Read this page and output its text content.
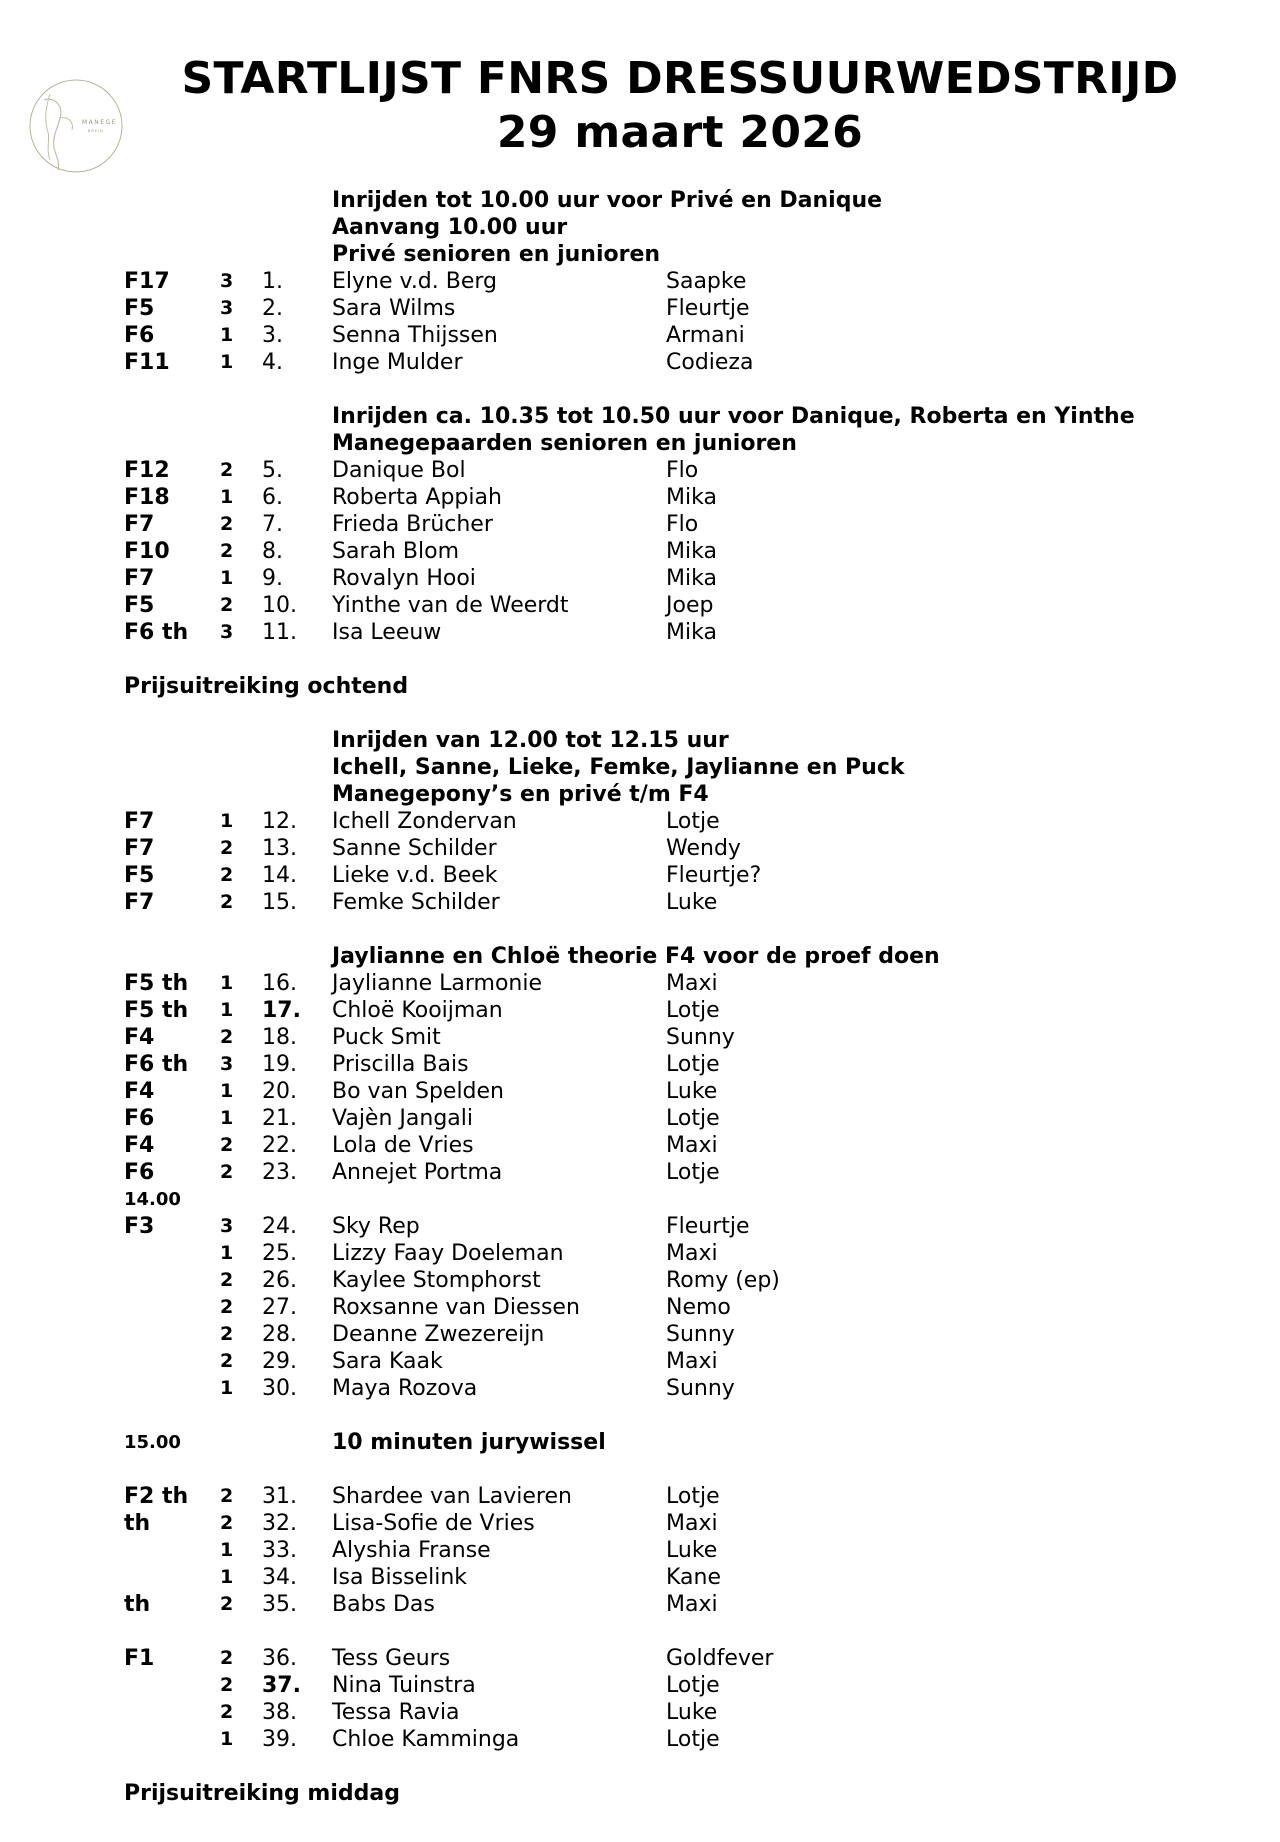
MANEGE
BREIN
STARTLIJST FNRS DRESSUURWEDSTRIJD
29 maart 2026
Inrijden tot 10.00 uur voor Privé en Danique
Aanvang 10.00 uur
Privé senioren en junioren
F17	3 1. Elyne v.d. Berg	Saapke
F5	3 2. Sara Wilms	Fleurtje
F6	1 3. Senna Thijssen	Armani
F11	1 4. Inge Mulder	Codieza
Inrijden ca. 10.35 tot 10.50 uur voor Danique, Roberta en Yinthe
Manegepaarden senioren en junioren
F12	2 5. Danique Bol	Flo
F18	1 6. Roberta Appiah	Mika
F7	2 7. Frieda Brücher	Flo
F10	2 8. Sarah Blom	Mika
F7	1 9. Rovalyn Hooi	Mika
F5	2 10. Yinthe van de Weerdt	Joep
F6 th 3 11. Isa Leeuw	Mika
Prijsuitreiking ochtend
Inrijden van 12.00 tot 12.15 uur
Ichell, Sanne, Lieke, Femke, Jaylianne en Puck
Manegepony’s en privé t/m F4
F7	1 12. Ichell Zondervan	Lotje
F7	2 13. Sanne Schilder	Wendy
F5	2 14. Lieke v.d. Beek	Fleurtje?
F7	2 15. Femke Schilder	Luke
Jaylianne en Chloë theorie F4 voor de proef doen
F5 th 1 16. Jaylianne Larmonie	Maxi
F5 th 1 17. Chloë Kooijman	Lotje
F4	2 18. Puck Smit	Sunny
F6 th 3 19. Priscilla Bais	Lotje
F4	1 20. Bo van Spelden	Luke
F6	1 21. Vajèn Jangali	Lotje
F4	2 22. Lola de Vries	Maxi
F6	2 23. Annejet Portma	Lotje
14.00
F3	3 24. Sky Rep	Fleurtje
1 25. Lizzy Faay Doeleman	Maxi
2 26. Kaylee Stomphorst	Romy (ep)
2 27. Roxsanne van Diessen	Nemo
2 28. Deanne Zwezereijn	Sunny
2 29. Sara Kaak	Maxi
1 30. Maya Rozova	Sunny
15.00	10 minuten jurywissel
F2 th 2 31. Shardee van Lavieren	Lotje
th	2 32. Lisa-Sofie de Vries	Maxi
1 33. Alyshia Franse	Luke
1 34. Isa Bisselink	Kane
th	2 35. Babs Das	Maxi
F1	2 36. Tess Geurs	Goldfever
2 37. Nina Tuinstra	Lotje
2 38. Tessa Ravia	Luke
1 39. Chloe Kamminga	Lotje
Prijsuitreiking middag
